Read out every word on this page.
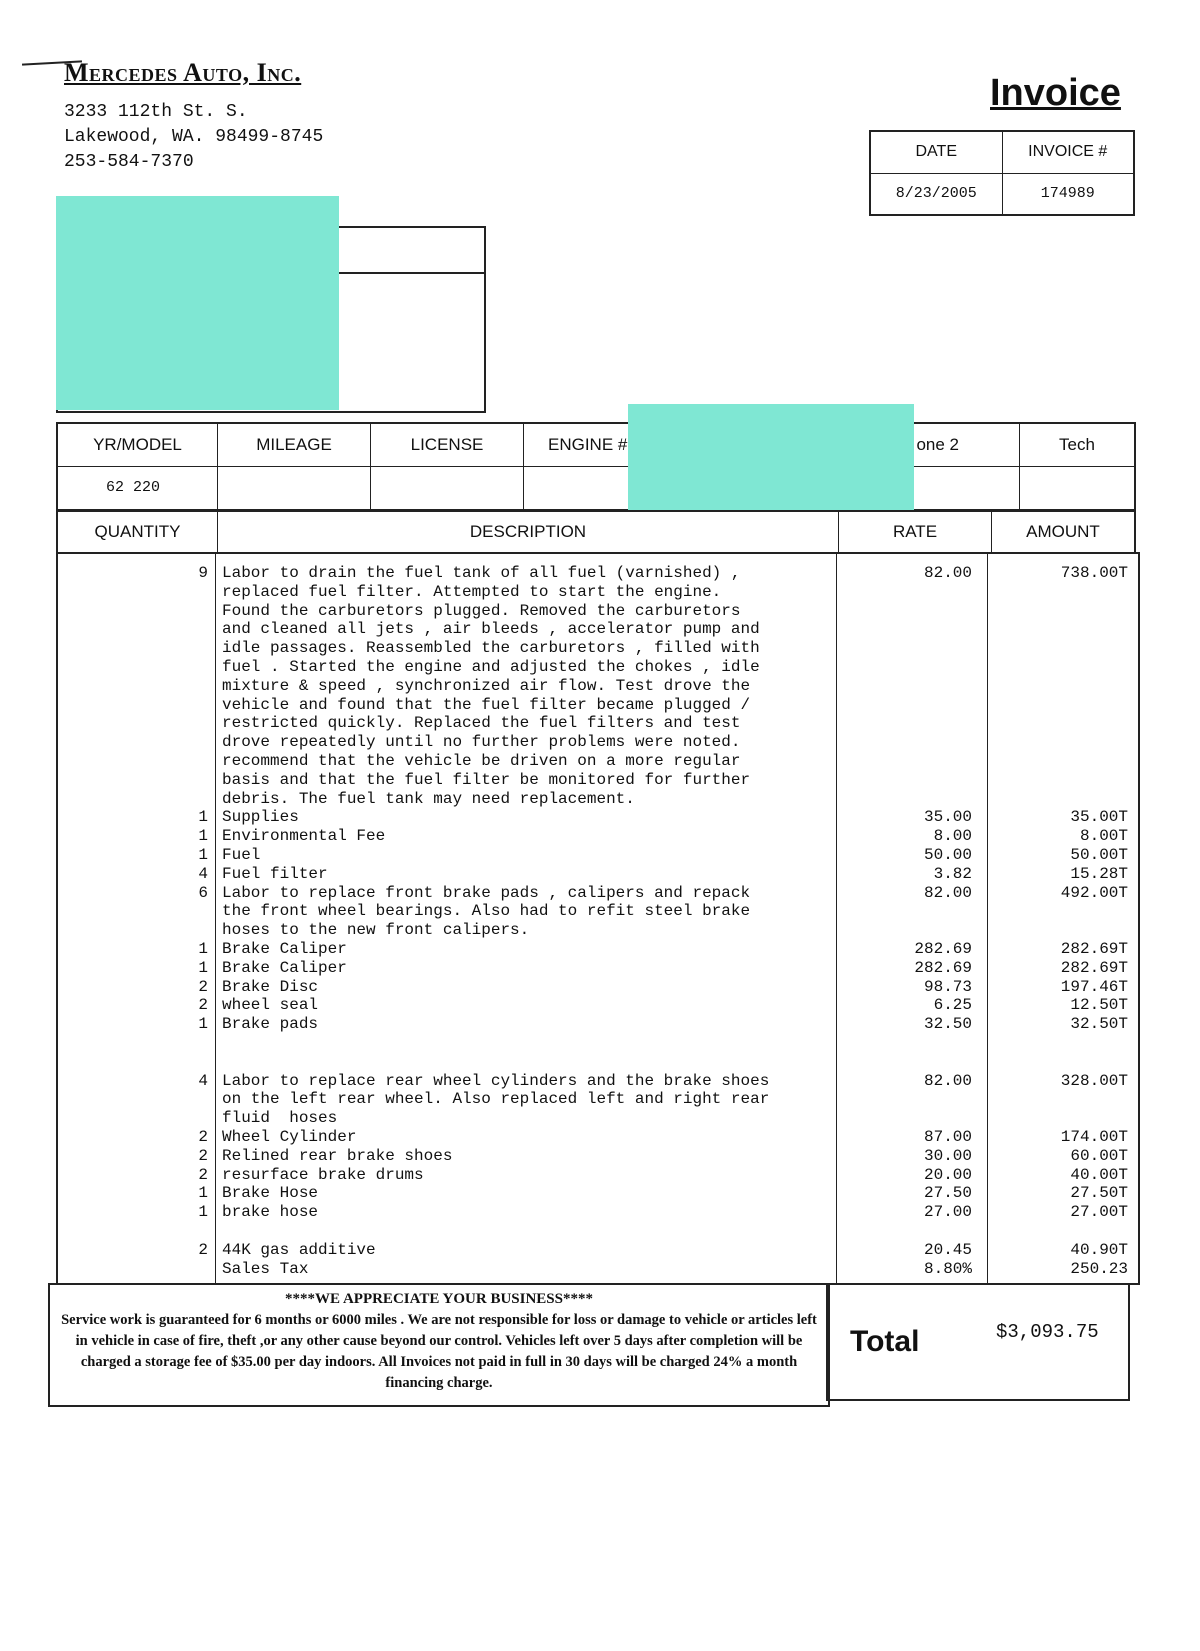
Mercedes Auto, Inc.
3233 112th St. S.
Lakewood, WA. 98499-8745
253-584-7370
Invoice
DATE	INVOICE #
8/23/2005	174989
YR/MODEL	MILEAGE	LICENSE	ENGINE #	one 2	Tech
62 220					
QUANTITY	DESCRIPTION	RATE	AMOUNT
9 Labor to drain the fuel tank of all fuel (varnished) ,
replaced fuel filter. Attempted to start the engine.
Found the carburetors plugged. Removed the carburetors
and cleaned all jets , air bleeds , accelerator pump and
idle passages. Reassembled the carburetors , filled with
fuel . Started the engine and adjusted the chokes , idle
mixture & speed , synchronized air flow. Test drove the
vehicle and found that the fuel filter became plugged /
restricted quickly. Replaced the fuel filters and test
drove repeatedly until no further problems were noted.
recommend that the vehicle be driven on a more regular
basis and that the fuel filter be monitored for further
debris. The fuel tank may need replacement.
82.00	738.00T
1 Supplies	35.00	35.00T
1 Environmental Fee	8.00	8.00T
1 Fuel	50.00	50.00T
4 Fuel filter	3.82	15.28T
6 Labor to replace front brake pads , calipers and repack
the front wheel bearings. Also had to refit steel brake
hoses to the new front calipers.
82.00	492.00T
1 Brake Caliper	282.69	282.69T
1 Brake Caliper	282.69	282.69T
2 Brake Disc	98.73	197.46T
2 wheel seal	6.25	12.50T
1 Brake pads	32.50	32.50T
4 Labor to replace rear wheel cylinders and the brake shoes
on the left rear wheel. Also replaced left and right rear
fluid  hoses
82.00	328.00T
2 Wheel Cylinder	87.00	174.00T
2 Relined rear brake shoes	30.00	60.00T
2 resurface brake drums	20.00	40.00T
1 Brake Hose	27.50	27.50T
1 brake hose	27.00	27.00T
2 44K gas additive	20.45	40.90T
Sales Tax	8.80%	250.23
****WE APPRECIATE YOUR BUSINESS****
Service work is guaranteed for 6 months or 6000 miles . We are not responsible for loss or damage to vehicle or articles left in vehicle in case of fire, theft ,or any other cause beyond our control. Vehicles left over 5 days after completion will be charged a storage fee of $35.00 per day indoors. All Invoices not paid in full in 30 days will be charged 24% a month financing charge.
Total	$3,093.75
